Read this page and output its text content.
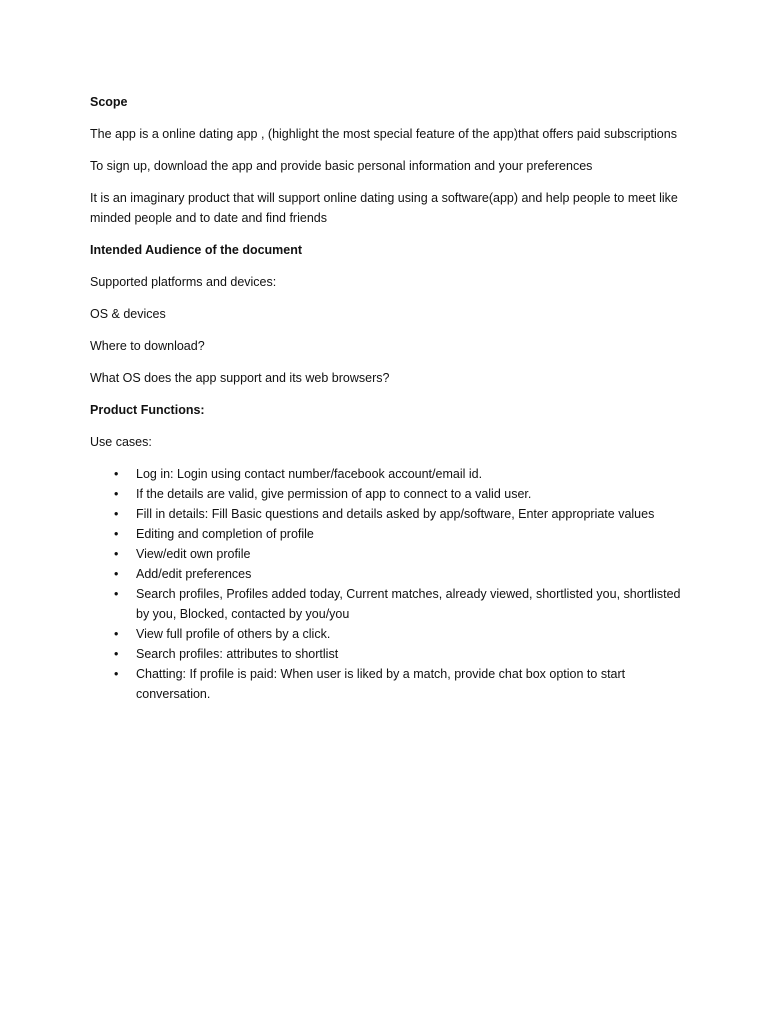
Scope

The app is a online dating app , (highlight the most special feature of the app)that offers paid subscriptions

To sign up, download the app and provide basic personal information and your preferences

It is an imaginary product that will support online dating using a software(app) and help people to meet like minded people and to date and find friends

Intended Audience of the document

Supported platforms and devices:

OS & devices

Where to download?

What OS does the app support and its web browsers?

Product Functions:

Use cases:

• Log in: Login using contact number/facebook account/email id.
• If the details are valid, give permission of app to connect to a valid user.
• Fill in details: Fill Basic questions and details asked by app/software, Enter appropriate values
• Editing and completion of profile
• View/edit own profile
• Add/edit preferences
• Search profiles, Profiles added today, Current matches, already viewed, shortlisted you, shortlisted by you, Blocked, contacted by you/you
• View full profile of others by a click.
• Search profiles: attributes to shortlist
• Chatting: If profile is paid: When user is liked by a match, provide chat box option to start conversation.
